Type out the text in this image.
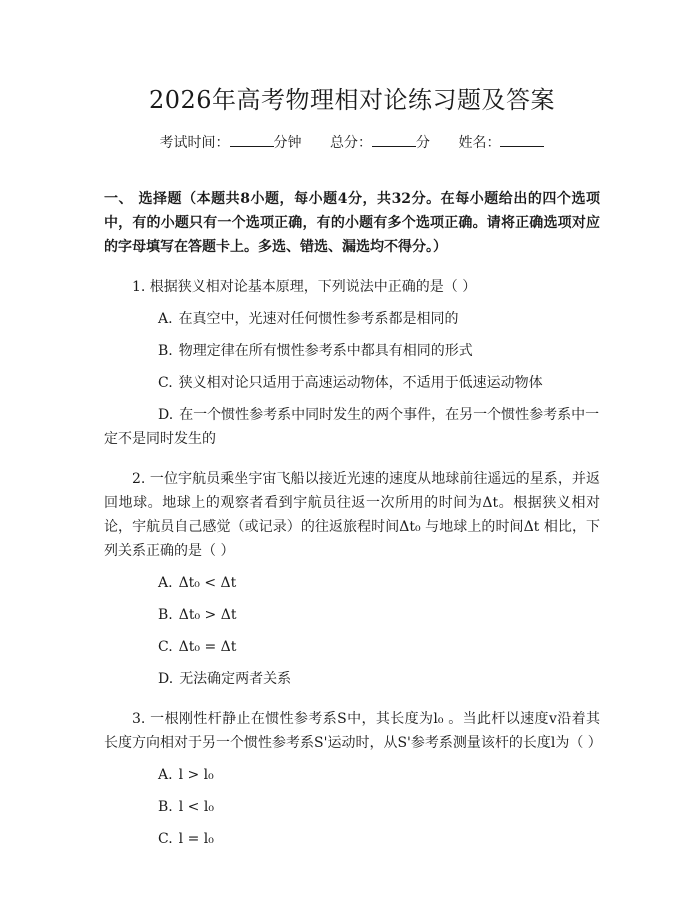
2026年高考物理相对论练习题及答案
考试时间：	分钟 总分：	分 姓名：
一、 选择题（本题共8小题，每小题4分，共32分。在每小题给出的四个选项中，有的小题只有一个选项正确，有的小题有多个选项正确。请将正确选项对应的字母填写在答题卡上。多选、错选、漏选均不得分。）
1. 根据狭义相对论基本原理，下列说法中正确的是（ ）
A. 在真空中，光速对任何惯性参考系都是相同的
B. 物理定律在所有惯性参考系中都具有相同的形式
C. 狭义相对论只适用于高速运动物体，不适用于低速运动物体
D. 在一个惯性参考系中同时发生的两个事件，在另一个惯性参考系中一定不是同时发生的
2. 一位宇航员乘坐宇宙飞船以接近光速的速度从地球前往遥远的星系，并返回地球。地球上的观察者看到宇航员往返一次所用的时间为Δt。根据狭义相对论，宇航员自己感觉（或记录）的往返旅程时间Δt₀ 与地球上的时间Δt 相比，下列关系正确的是（ ）
A. Δt₀ < Δt
B. Δt₀ > Δt
C. Δt₀ = Δt
D. 无法确定两者关系
3. 一根刚性杆静止在惯性参考系S中，其长度为l₀ 。当此杆以速度v沿着其长度方向相对于另一个惯性参考系S'运动时，从S'参考系测量该杆的长度l为（ ）
A. l > l₀
B. l < l₀
C. l = l₀
